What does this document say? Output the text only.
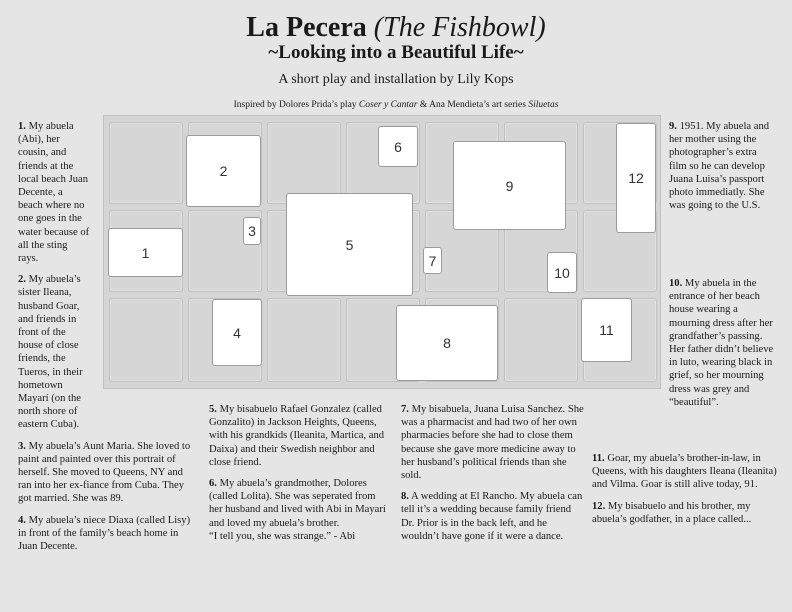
La Pecera (The Fishbowl)
~Looking into a Beautiful Life~
A short play and installation by Lily Kops
Inspired by Dolores Prida’s play Coser y Cantar & Ana Mendieta’s art series Siluetas
1
2
3
4
5
6
7
8
9
10
11
12

1. My abuela (Abi), her cousin, and friends at the local beach Juan Decente, a beach where no one goes in the water because of all the sting rays.

2. My abuela’s sister Ileana, husband Goar, and friends in front of the house of close friends, the Tueros, in their hometown Mayarí (on the north shore of eastern Cuba).

3. My abuela’s Aunt Maria. She loved to paint and painted over this portrait of herself. She moved to Queens, NY and ran into her ex-fiance from Cuba. They got married. She was 89.

4. My abuela’s niece Diaxa (called Lisy) in front of the family’s beach home in Juan Decente.

5. My bisabuelo Rafael Gonzalez (called Gonzalito) in Jackson Heights, Queens, with his grandkids (Ileanita, Martica, and Daixa) and their Swedish neighbor and close friend.

6. My abuela’s grandmother, Dolores (called Lolita). She was seperated from her husband and lived with Abi in Mayarí and loved my abuela’s brother.

“I tell you, she was strange.” - Abi

7. My bisabuela, Juana Luisa Sanchez. She was a pharmacist and had two of her own pharmacies before she had to close them because she gave more medicine away to her husband’s political friends than she sold.

8. A wedding at El Rancho. My abuela can tell it’s a wedding because family friend Dr. Prior is in the back left, and he wouldn’t have gone if it were a dance.

9. 1951. My abuela and her mother using the photographer’s extra film so he can develop Juana Luisa’s passport photo immediatly. She was going to the U.S.

10. My abuela in the entrance of her beach house wearing a mourning dress after her grandfather’s passing. Her father didn’t believe in luto, wearing black in grief, so her mourning dress was grey and “beautiful”.

11. Goar, my abuela’s brother-in-law, in Queens, with his daughters Ileana (Ileanita) and Vilma. Goar is still alive today, 91.

12. My bisabuelo and his brother, my abuela’s godfather, in a place called...
